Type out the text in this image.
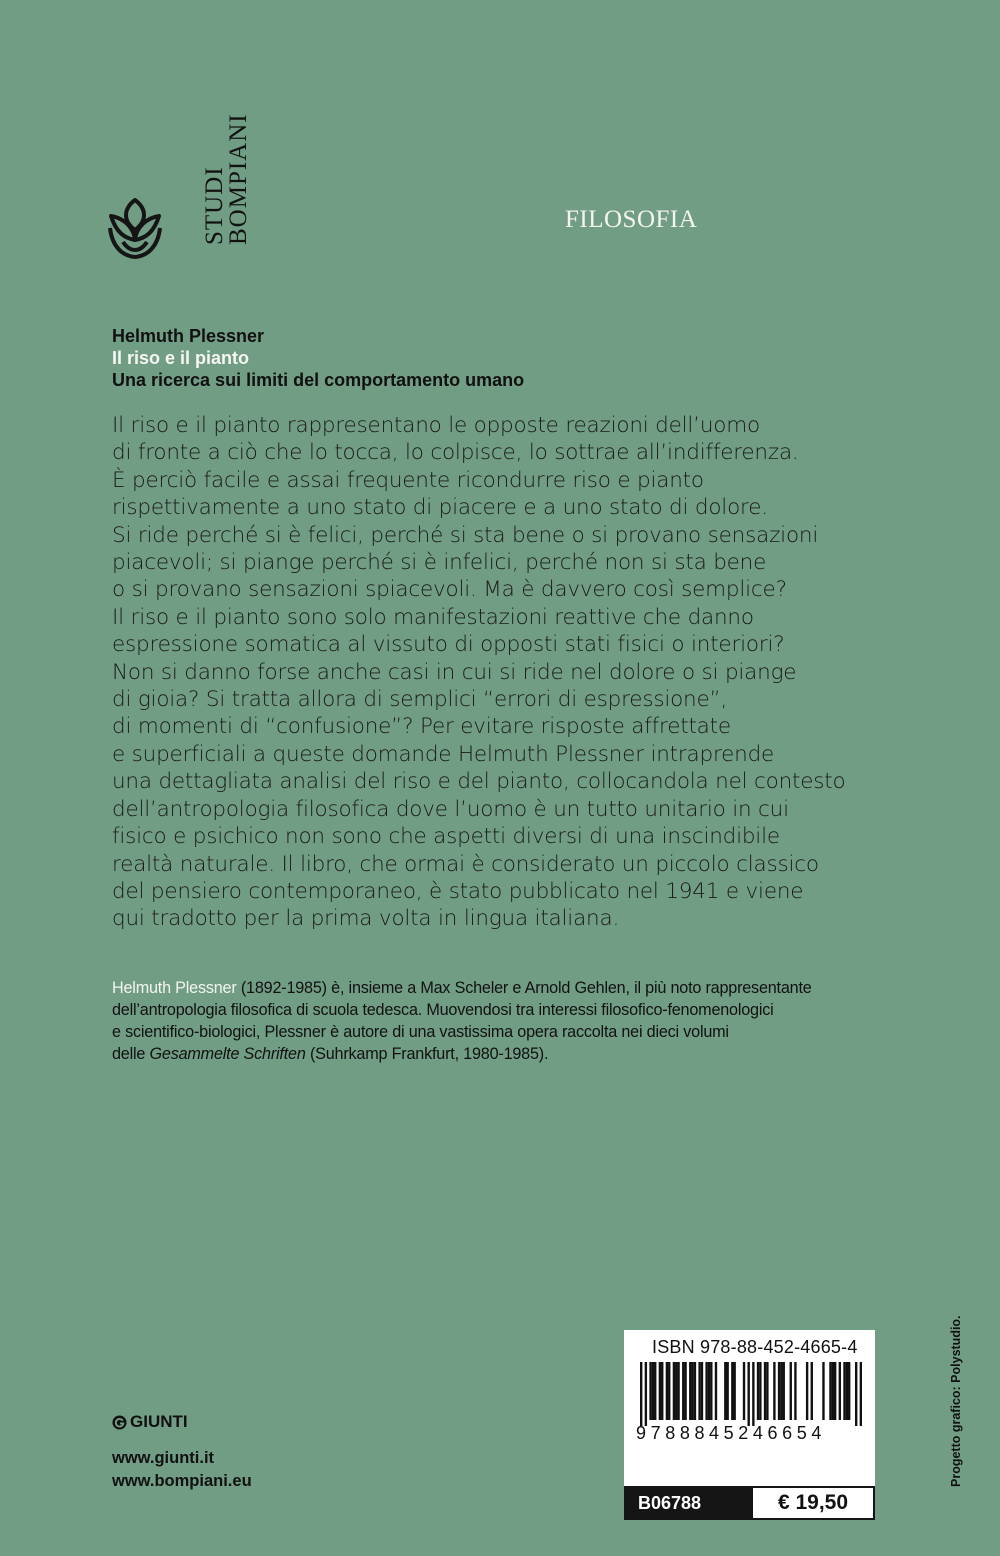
STUDI
BOMPIANI	FILOSOFIA
Helmuth Plessner
Il riso e il pianto
Una ricerca sui limiti del comportamento umano
Il riso e il pianto rappresentano le opposte reazioni dell’uomo
di fronte a ciò che lo tocca, lo colpisce, lo sottrae all’indifferenza.
È perciò facile e assai frequente ricondurre riso e pianto
rispettivamente a uno stato di piacere e a uno stato di dolore.
Si ride perché si è felici, perché si sta bene o si provano sensazioni
piacevoli; si piange perché si è infelici, perché non si sta bene
o si provano sensazioni spiacevoli. Ma è davvero così semplice?
Il riso e il pianto sono solo manifestazioni reattive che danno
espressione somatica al vissuto di opposti stati fisici o interiori?
Non si danno forse anche casi in cui si ride nel dolore o si piange
di gioia? Si tratta allora di semplici “errori di espressione”,
di momenti di “confusione”? Per evitare risposte affrettate
e superficiali a queste domande Helmuth Plessner intraprende
una dettagliata analisi del riso e del pianto, collocandola nel contesto
dell’antropologia filosofica dove l’uomo è un tutto unitario in cui
fisico e psichico non sono che aspetti diversi di una inscindibile
realtà naturale. Il libro, che ormai è considerato un piccolo classico
del pensiero contemporaneo, è stato pubblicato nel 1941 e viene
qui tradotto per la prima volta in lingua italiana.
Helmuth Plessner (1892-1985) è, insieme a Max Scheler e Arnold Gehlen, il più noto rappresentante
dell’antropologia filosofica di scuola tedesca. Muovendosi tra interessi filosofico-fenomenologici
e scientifico-biologici, Plessner è autore di una vastissima opera raccolta nei dieci volumi
delle Gesammelte Schriften (Suhrkamp Frankfurt, 1980-1985).
GIUNTI
www.giunti.it
www.bompiani.eu	Progetto grafico: Polystudio.
ISBN 978-88-452-4665-4
9788845246654
B06788	€ 19,50
